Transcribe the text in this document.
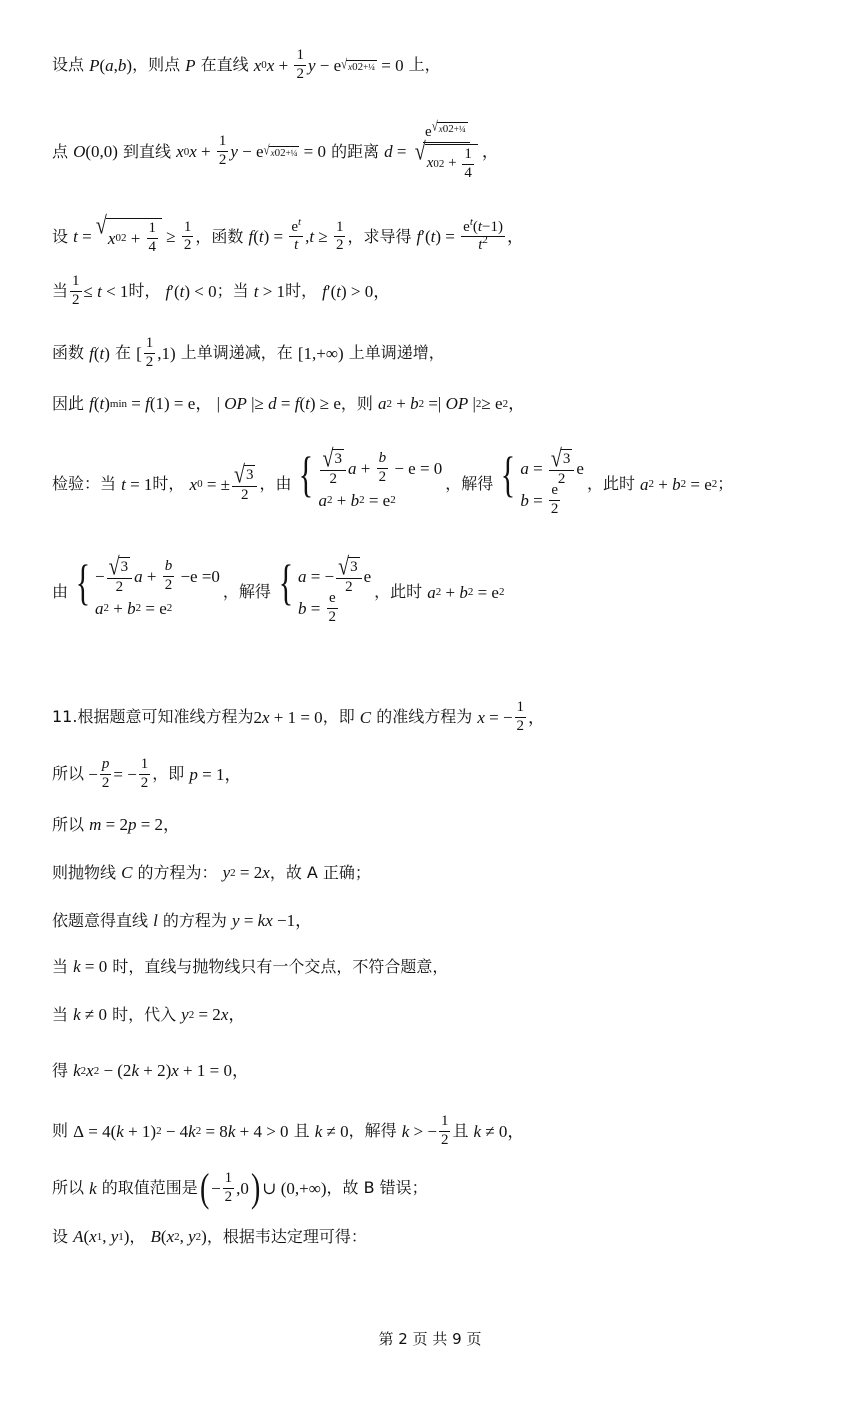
设点 P ( a , b ) ，则点 P 在直线 x 0 $x + \frac{1}{2}$ y − e √ x 0 2 +¼ = 0 上，
点 O (0,0) 到直线 x 0 $x + \frac{1}{2}$ y − e √ x 0 2 +¼ = 0 的距离 $d = \frac{e ^{√ x 0 2 +\frac{1}{4}}}{√ x 0 2 + \frac{1}{4}}$ ，
设 t = √ x 0 $2 + \frac{1}{4} \ge \frac{1}{2}$ ，函数 f ( t ) = $\frac{e^t}{t}$ , $t \ge \frac{1}{2}$ ，求导得 f ′( t ) = $\frac{e^t(t-1)}{t^2}$ ，
当 $\frac{1}{2} \le t < 1$ 时， f ′( t ) < 0 ；当 t > 1 时， f ′( t ) > 0，
函数 f ( t ) 在 [ $\frac{1}{2} ,1$) 上单调递减，在 [1,+∞) 上单调递增，
因此 f ( t ) min = f (1) = e， | OP |≥ d = f ( t ) ≥ e ，则 a 2 + b 2 =| OP | 2 ≥ e 2 ，
检验：当 t = 1 时， x 0 = ± $\frac{√ 3}{2}$ ，由 { $\frac{√ 3}{2}$ $a + \frac{b}{2} - e = 0$
a 2 + b 2 = e 2
，解得 { $a = \frac{√ 3}{2}$ e
$b = \frac{e}{2}$ ，此时 a 2 + b 2 = e 2 ；
由 { − $\frac{√ 3}{2}$ $a + \frac{b}{2} -e =0$
a 2 + b 2 = e 2
，解得 { a = − $\frac{√ 3}{2}$ e
$b = \frac{e}{2}$ ，此时 a 2 + b 2 = e 2
11.根据题意可知准线方程为 2 x + 1 = 0 ，即 C 的准线方程为 x = − $\frac{1}{2}$ ，
所以 − $\frac{p}{2}$ = − $\frac{1}{2}$ ，即 p = 1，
所以 m = 2 p = 2，
则抛物线 C 的方程为： y 2 = 2 x ，故 A 正确；
依题意得直线 l 的方程为 y = kx −1，
当 k = 0 时，直线与抛物线只有一个交点，不符合题意，
当 k ≠ 0 时，代入 y 2 = 2 x ，
得 k 2 x 2 − (2 k + 2) x + 1 = 0，
则 Δ = 4( k + 1) 2 − 4 k 2 = 8 k + 4 > 0 且 k ≠ 0 ，解得 k > − $\frac{1}{2}$ 且 k ≠ 0，
所以 k 的取值范围是 ( − $\frac{1}{2} ,0$ ) ∪ (0,+∞) ，故 B 错误；
设 A ( x 1 , y 1 ) ， B ( x 2 , y 2 ) ，根据韦达定理可得：
第 2 页 共 9 页
